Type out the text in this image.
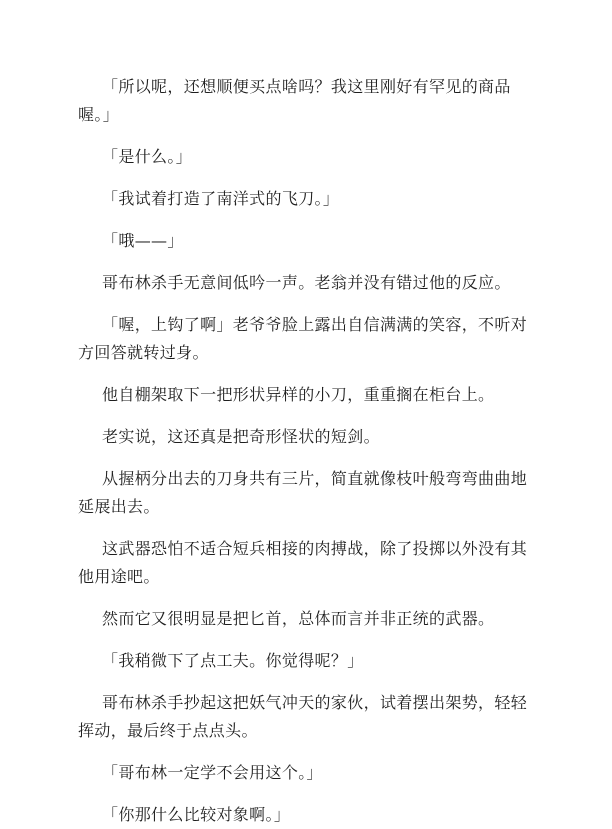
「所以呢，还想顺便买点啥吗？我这里刚好有罕见的商品喔。」

「是什么。」

「我试着打造了南洋式的飞刀。」

「哦——」

哥布林杀手无意间低吟一声。老翁并没有错过他的反应。

「喔，上钩了啊」老爷爷脸上露出自信满满的笑容，不听对方回答就转过身。

他自棚架取下一把形状异样的小刀，重重搁在柜台上。

老实说，这还真是把奇形怪状的短剑。

从握柄分出去的刀身共有三片，简直就像枝叶般弯弯曲曲地延展出去。

这武器恐怕不适合短兵相接的肉搏战，除了投掷以外没有其他用途吧。

然而它又很明显是把匕首，总体而言并非正统的武器。

「我稍微下了点工夫。你觉得呢？」

哥布林杀手抄起这把妖气冲天的家伙，试着摆出架势，轻轻挥动，最后终于点点头。

「哥布林一定学不会用这个。」

「你那什么比较对象啊。」
